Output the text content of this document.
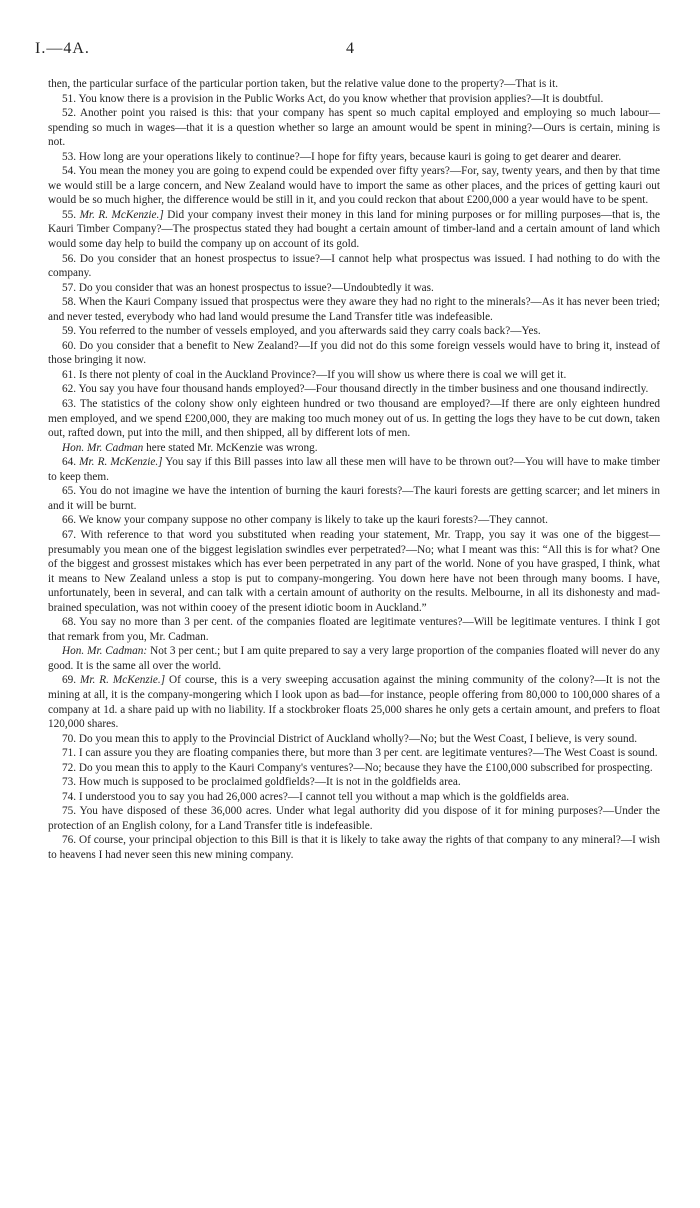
I.—4A.	4

then, the particular surface of the particular portion taken, but the relative value done to the property?—That is it.

51. You know there is a provision in the Public Works Act, do you know whether that provision applies?—It is doubtful.

52. Another point you raised is this: that your company has spent so much capital employed and employing so much labour—spending so much in wages—that it is a question whether so large an amount would be spent in mining?—Ours is certain, mining is not.

53. How long are your operations likely to continue?—I hope for fifty years, because kauri is going to get dearer and dearer.

54. You mean the money you are going to expend could be expended over fifty years?—For, say, twenty years, and then by that time we would still be a large concern, and New Zealand would have to import the same as other places, and the prices of getting kauri out would be so much higher, the difference would be still in it, and you could reckon that about £200,000 a year would have to be spent.

55. Mr. R. McKenzie.] Did your company invest their money in this land for mining purposes or for milling purposes—that is, the Kauri Timber Company?—The prospectus stated they had bought a certain amount of timber-land and a certain amount of land which would some day help to build the company up on account of its gold.

56. Do you consider that an honest prospectus to issue?—I cannot help what prospectus was issued. I had nothing to do with the company.

57. Do you consider that was an honest prospectus to issue?—Undoubtedly it was.

58. When the Kauri Company issued that prospectus were they aware they had no right to the minerals?—As it has never been tried; and never tested, everybody who had land would presume the Land Transfer title was indefeasible.

59. You referred to the number of vessels employed, and you afterwards said they carry coals back?—Yes.

60. Do you consider that a benefit to New Zealand?—If you did not do this some foreign vessels would have to bring it, instead of those bringing it now.

61. Is there not plenty of coal in the Auckland Province?—If you will show us where there is coal we will get it.

62. You say you have four thousand hands employed?—Four thousand directly in the timber business and one thousand indirectly.

63. The statistics of the colony show only eighteen hundred or two thousand are employed?—If there are only eighteen hundred men employed, and we spend £200,000, they are making too much money out of us. In getting the logs they have to be cut down, taken out, rafted down, put into the mill, and then shipped, all by different lots of men.

Hon. Mr. Cadman here stated Mr. McKenzie was wrong.

64. Mr. R. McKenzie.] You say if this Bill passes into law all these men will have to be thrown out?—You will have to make timber to keep them.

65. You do not imagine we have the intention of burning the kauri forests?—The kauri forests are getting scarcer; and let miners in and it will be burnt.

66. We know your company suppose no other company is likely to take up the kauri forests?—They cannot.

67. With reference to that word you substituted when reading your statement, Mr. Trapp, you say it was one of the biggest—presumably you mean one of the biggest legislation swindles ever perpetrated?—No; what I meant was this: “All this is for what? One of the biggest and grossest mistakes which has ever been perpetrated in any part of the world. None of you have grasped, I think, what it means to New Zealand unless a stop is put to company-mongering. You down here have not been through many booms. I have, unfortunately, been in several, and can talk with a certain amount of authority on the results. Melbourne, in all its dishonesty and mad-brained speculation, was not within cooey of the present idiotic boom in Auckland.”

68. You say no more than 3 per cent. of the companies floated are legitimate ventures?—Will be legitimate ventures. I think I got that remark from you, Mr. Cadman.

Hon. Mr. Cadman: Not 3 per cent.; but I am quite prepared to say a very large proportion of the companies floated will never do any good. It is the same all over the world.

69. Mr. R. McKenzie.] Of course, this is a very sweeping accusation against the mining community of the colony?—It is not the mining at all, it is the company-mongering which I look upon as bad—for instance, people offering from 80,000 to 100,000 shares of a company at 1d. a share paid up with no liability. If a stockbroker floats 25,000 shares he only gets a certain amount, and prefers to float 120,000 shares.

70. Do you mean this to apply to the Provincial District of Auckland wholly?—No; but the West Coast, I believe, is very sound.

71. I can assure you they are floating companies there, but more than 3 per cent. are legitimate ventures?—The West Coast is sound.

72. Do you mean this to apply to the Kauri Company's ventures?—No; because they have the £100,000 subscribed for prospecting.

73. How much is supposed to be proclaimed goldfields?—It is not in the goldfields area.

74. I understood you to say you had 26,000 acres?—I cannot tell you without a map which is the goldfields area.

75. You have disposed of these 36,000 acres. Under what legal authority did you dispose of it for mining purposes?—Under the protection of an English colony, for a Land Transfer title is indefeasible.

76. Of course, your principal objection to this Bill is that it is likely to take away the rights of that company to any mineral?—I wish to heavens I had never seen this new mining company.
